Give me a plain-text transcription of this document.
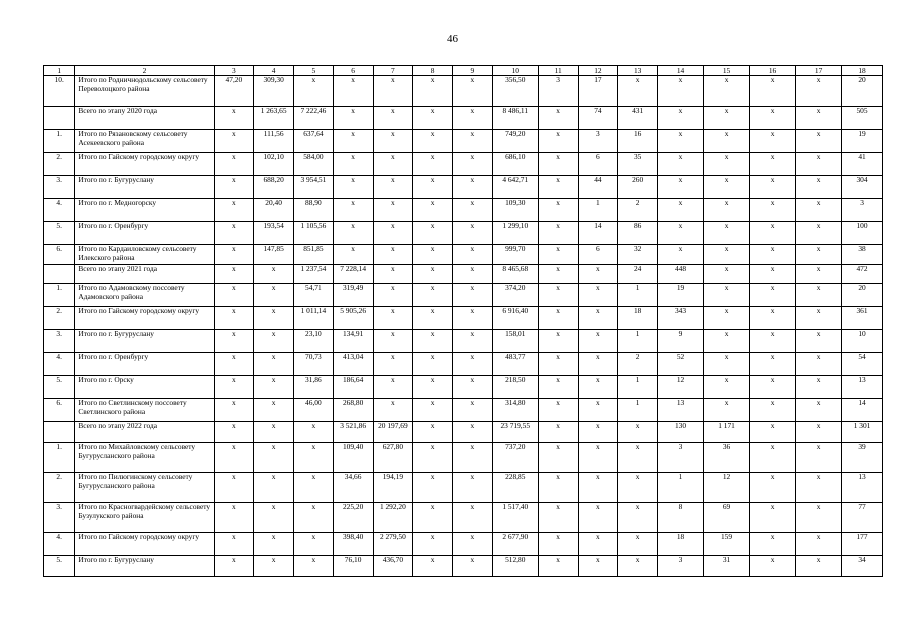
46
1	2	3	4	5	6	7	8	9	10	11	12	13	14	15	16	17	18
10.	Итого по Родничнодольскому сельсовету Переволоцкого района	47,20	309,30	х	х	х	х	х	356,50	3	17	х	х	х	х	х	20
	Всего по этапу 2020 года	х	1 263,65	7 222,46	х	х	х	х	8 486,11	х	74	431	х	х	х	х	505
1.	Итого по Рязановскому сельсовету Асекеевского района	х	111,56	637,64	х	х	х	х	749,20	х	3	16	х	х	х	х	19
2.	Итого по Гайскому городскому округу	х	102,10	584,00	х	х	х	х	686,10	х	6	35	х	х	х	х	41
3.	Итого по г. Бугуруслану	х	688,20	3 954,51	х	х	х	х	4 642,71	х	44	260	х	х	х	х	304
4.	Итого по г. Медногорску	х	20,40	88,90	х	х	х	х	109,30	х	1	2	х	х	х	х	3
5.	Итого по г. Оренбургу	х	193,54	1 105,56	х	х	х	х	1 299,10	х	14	86	х	х	х	х	100
6.	Итого по Кардаиловскому сельсовету Илекского района	х	147,85	851,85	х	х	х	х	999,70	х	6	32	х	х	х	х	38
	Всего по этапу 2021 года	х	х	1 237,54	7 228,14	х	х	х	8 465,68	х	х	24	448	х	х	х	472
1.	Итого по Адамовскому поссовету Адамовского района	х	х	54,71	319,49	х	х	х	374,20	х	х	1	19	х	х	х	20
2.	Итого по Гайскому городскому округу	х	х	1 011,14	5 905,26	х	х	х	6 916,40	х	х	18	343	х	х	х	361
3.	Итого по г. Бугуруслану	х	х	23,10	134,91	х	х	х	158,01	х	х	1	9	х	х	х	10
4.	Итого по г. Оренбургу	х	х	70,73	413,04	х	х	х	483,77	х	х	2	52	х	х	х	54
5.	Итого по г. Орску	х	х	31,86	186,64	х	х	х	218,50	х	х	1	12	х	х	х	13
6.	Итого по Светлинскому поссовету Светлинского района	х	х	46,00	268,80	х	х	х	314,80	х	х	1	13	х	х	х	14
	Всего по этапу 2022 года	х	х	х	3 521,86	20 197,69	х	х	23 719,55	х	х	х	130	1 171	х	х	1 301
1.	Итого по Михайловскому сельсовету Бугурусланского района	х	х	х	109,40	627,80	х	х	737,20	х	х	х	3	36	х	х	39
2.	Итого по Пилюгинскому сельсовету Бугурусланского района	х	х	х	34,66	194,19	х	х	228,85	х	х	х	1	12	х	х	13
3.	Итого по Красногвардейскому сельсовету Бузулукского района	х	х	х	225,20	1 292,20	х	х	1 517,40	х	х	х	8	69	х	х	77
4.	Итого по Гайскому городскому округу	х	х	х	398,40	2 279,50	х	х	2 677,90	х	х	х	18	159	х	х	177
5.	Итого по г. Бугуруслану	х	х	х	76,10	436,70	х	х	512,80	х	х	х	3	31	х	х	34
